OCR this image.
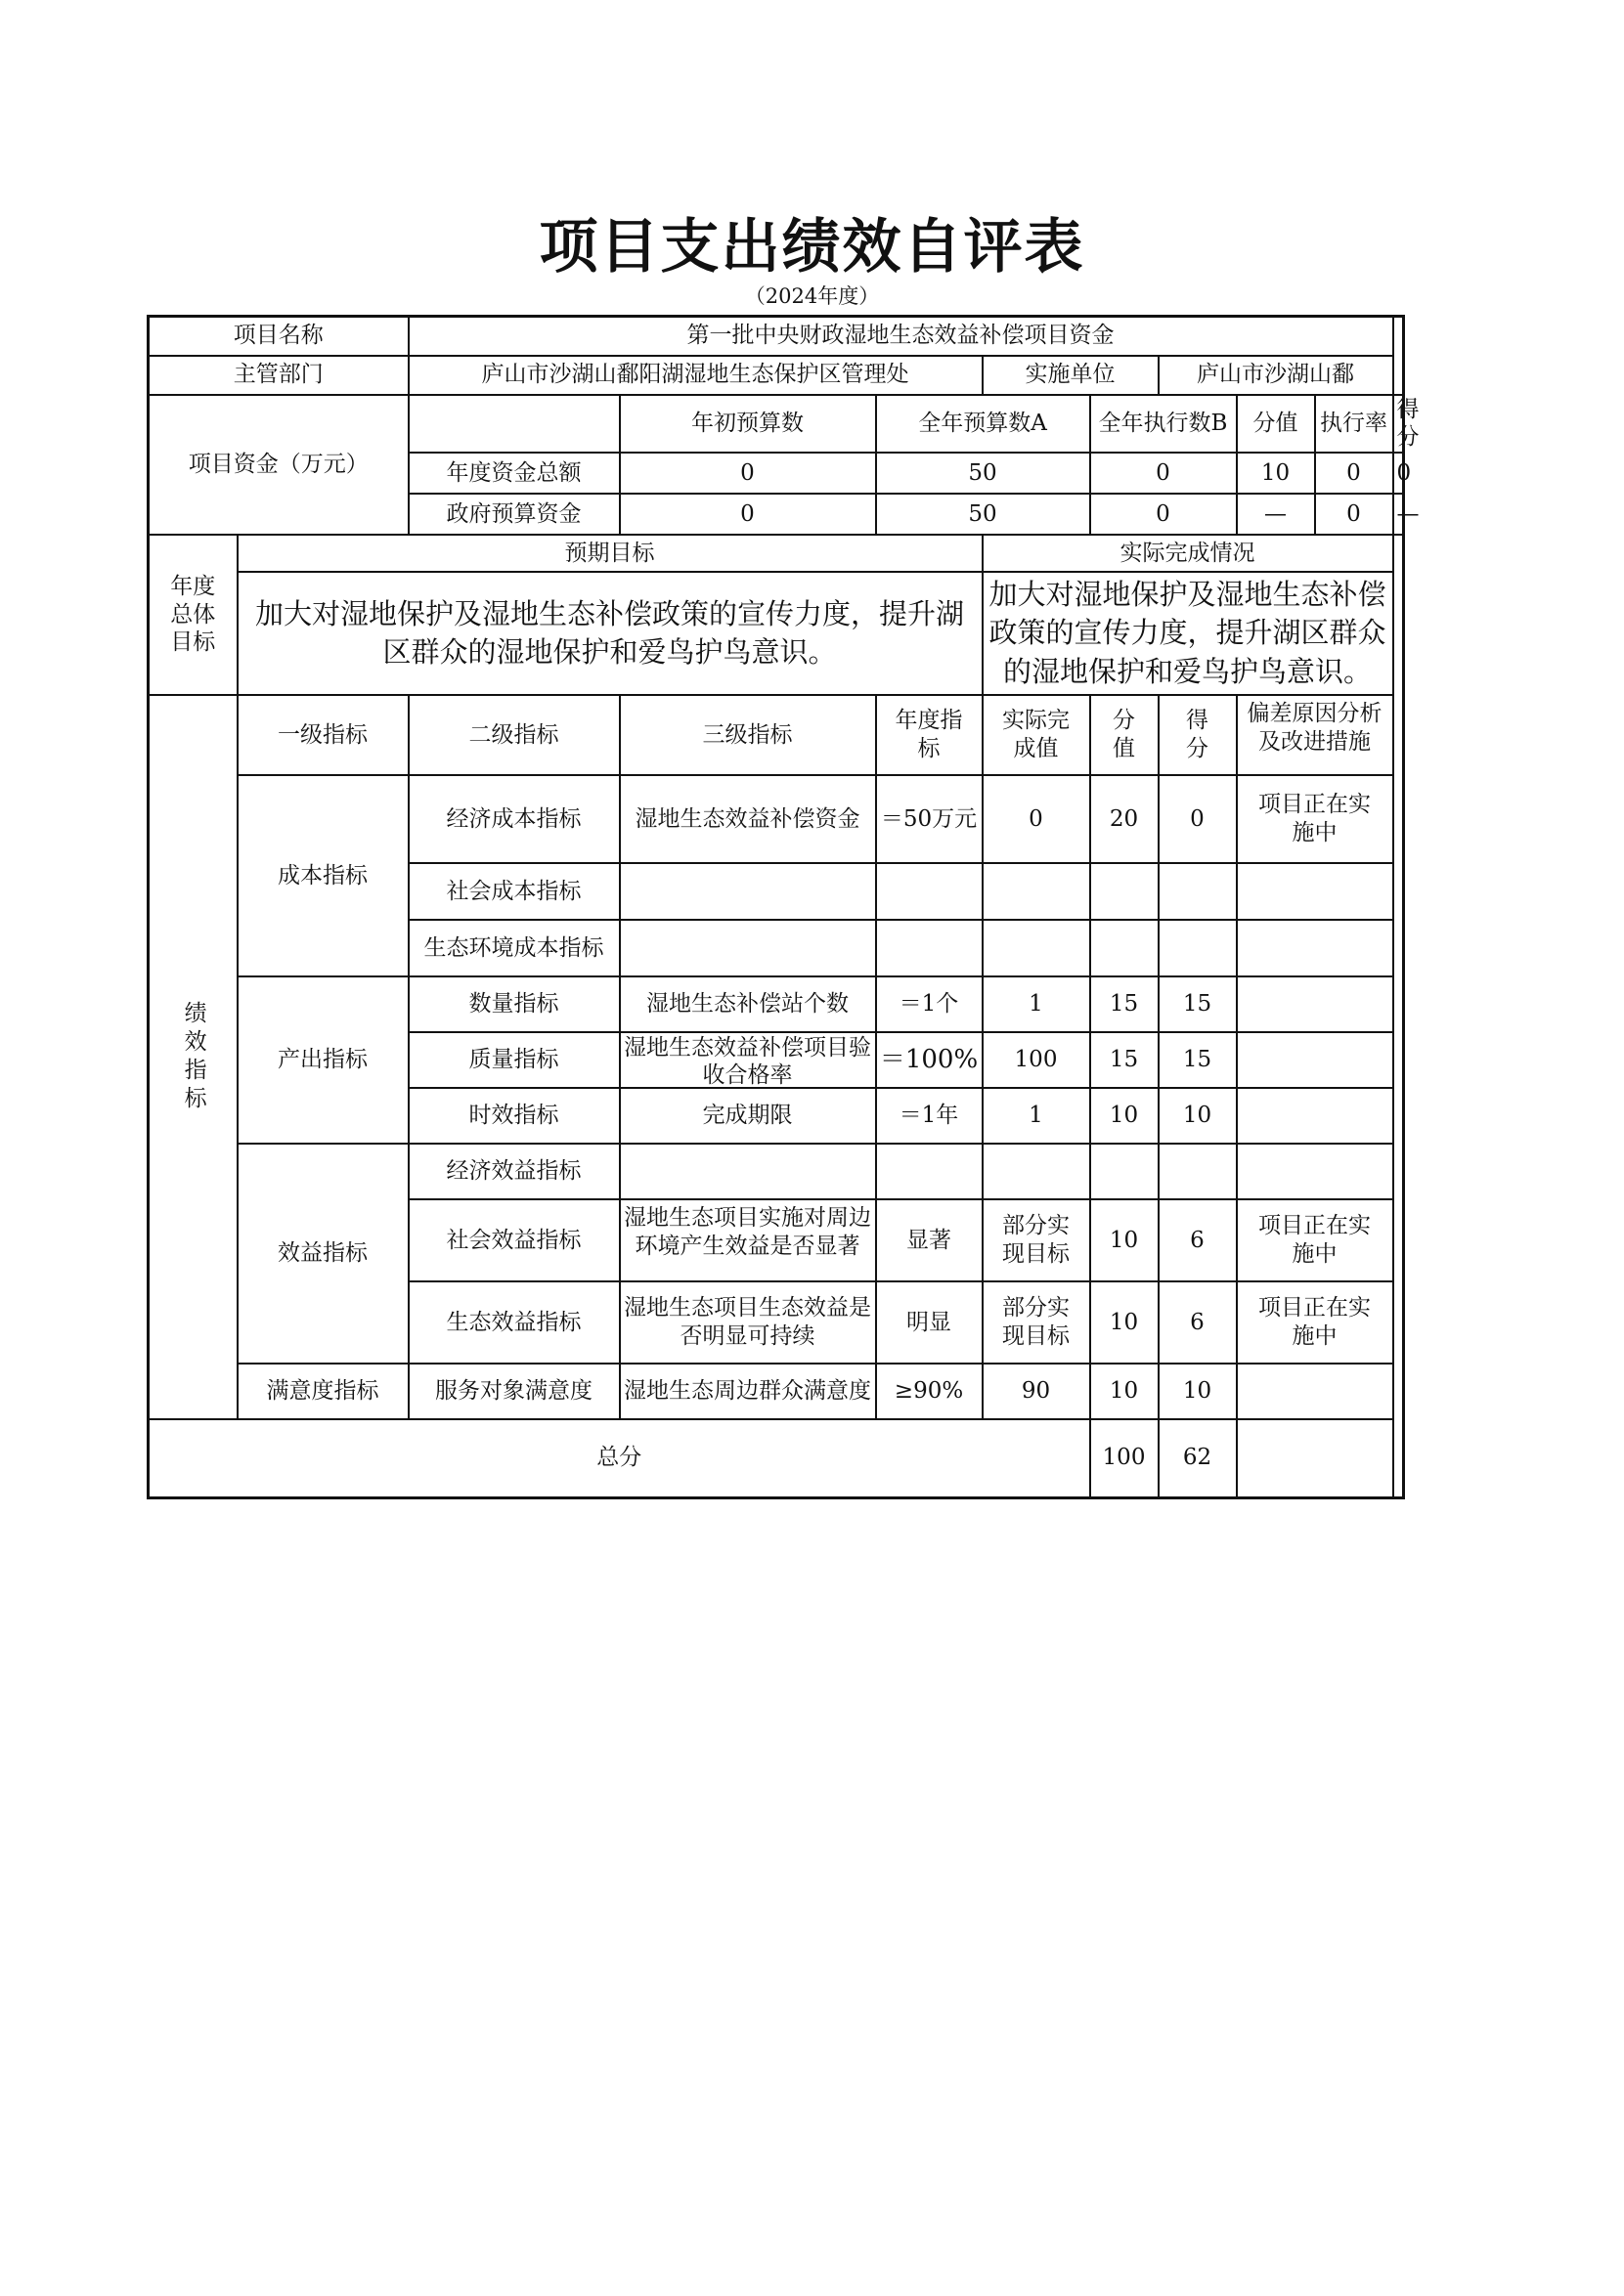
项目支出绩效自评表
（2024年度）
项目名称		第一批中央财政湿地生态效益补偿项目资金								
主管部门		庐山市沙湖山鄱阳湖湿地生态保护区管理处			实施单位		庐山市沙湖山鄱			
项目资金（万元）			年初预算数	全年预算数A		全年执行数B		分值	执行率	得分
		年度资金总额	0	50		0		10	0	0
		政府预算资金	0	50		0		—	0	—
年度总体目标	预期目标				实际完成情况					
	加大对湿地保护及湿地生态补偿政策的宣传力度，提升湖区群众的湿地保护和爱鸟护鸟意识。				加大对湿地保护及湿地生态补偿政策的宣传力度，提升湖区群众的湿地保护和爱鸟护鸟意识。					

绩效指标	一级指标	二级指标	三级指标	年度指标	实际完成值	分值	得分	偏差原因分析及改进措施		

	成本指标	经济成本指标	湿地生态效益补偿资金	＝50万元	0	20	0	项目正在实施中		
		社会成本指标								
		生态环境成本指标								
	产出指标	数量指标	湿地生态补偿站个数	＝1个	1	15	15			
		质量指标	湿地生态效益补偿项目验收合格率	＝100%	100	15	15			
		时效指标	完成期限	＝1年	1	10	10			
	效益指标	经济效益指标								
		社会效益指标	湿地生态项目实施对周边环境产生效益是否显著	显著	部分实现目标	10	6	项目正在实施中		
		生态效益指标	湿地生态项目生态效益是否明显可持续	明显	部分实现目标	10	6	项目正在实施中		
	满意度指标	服务对象满意度	湿地生态周边群众满意度	≥90%	90	10	10			
总分						100	62			
